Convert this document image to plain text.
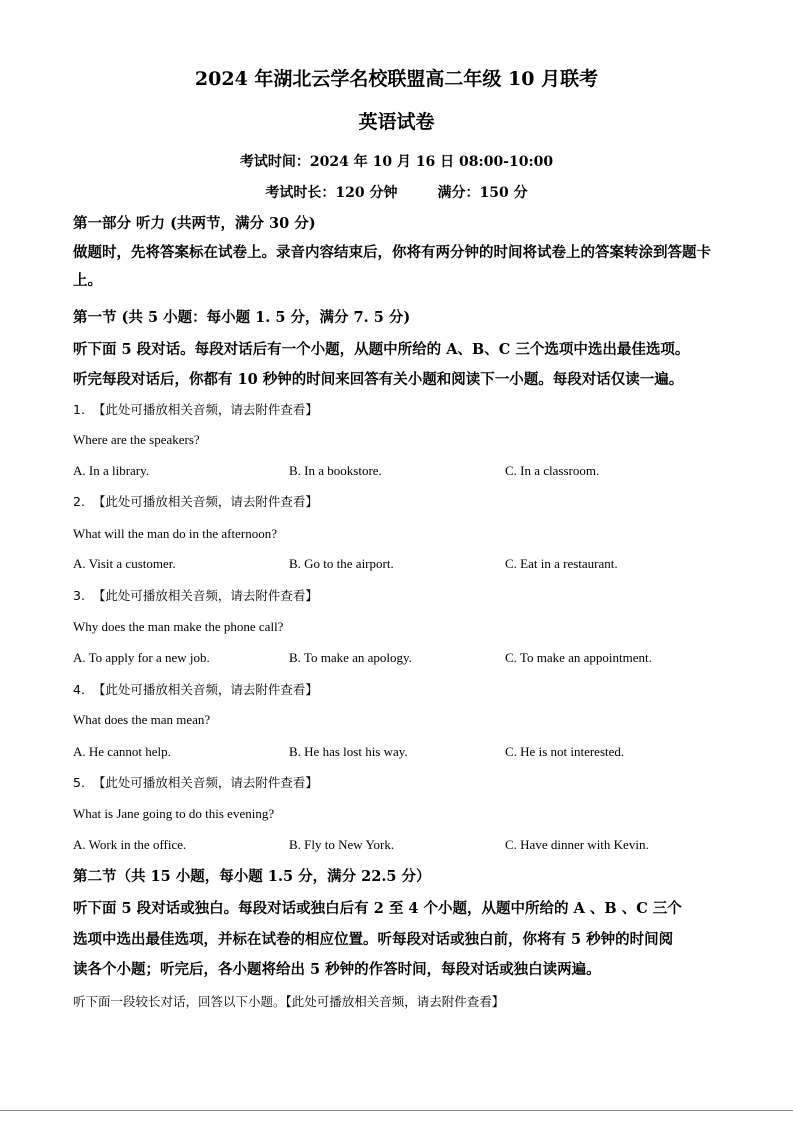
2024 年湖北云学名校联盟高二年级 10 月联考
英语试卷
考试时间：2024 年 10 月 16 日 08:00-10:00
考试时长：120 分钟	满分：150 分
第一部分 听力 (共两节，满分 30 分)
做题时，先将答案标在试卷上。录音内容结束后，你将有两分钟的时间将试卷上的答案转涂到答题卡上。
第一节 (共 5 小题：每小题 1. 5 分，满分 7. 5 分)
听下面 5 段对话。每段对话后有一个小题，从题中所给的 A、B、C 三个选项中选出最佳选项。
听完每段对话后，你都有 10 秒钟的时间来回答有关小题和阅读下一小题。每段对话仅读一遍。
1. 【此处可播放相关音频，请去附件查看】
Where are the speakers?
A. In a library.	B. In a bookstore.	C. In a classroom.
2. 【此处可播放相关音频，请去附件查看】
What will the man do in the afternoon?
A. Visit a customer.	B. Go to the airport.	C. Eat in a restaurant.
3. 【此处可播放相关音频，请去附件查看】
Why does the man make the phone call?
A. To apply for a new job.	B. To make an apology.	C. To make an appointment.
4. 【此处可播放相关音频，请去附件查看】
What does the man mean?
A. He cannot help.	B. He has lost his way.	C. He is not interested.
5. 【此处可播放相关音频，请去附件查看】
What is Jane going to do this evening?
A. Work in the office.	B. Fly to New York.	C. Have dinner with Kevin.
第二节（共 15 小题，每小题 1.5 分，满分 22.5 分）
听下面 5 段对话或独白。每段对话或独白后有 2 至 4 个小题，从题中所给的 A 、B 、C 三个
选项中选出最佳选项，并标在试卷的相应位置。听每段对话或独白前，你将有 5 秒钟的时间阅
读各个小题；听完后，各小题将给出 5 秒钟的作答时间，每段对话或独白读两遍。
听下面一段较长对话，回答以下小题。【此处可播放相关音频，请去附件查看】
